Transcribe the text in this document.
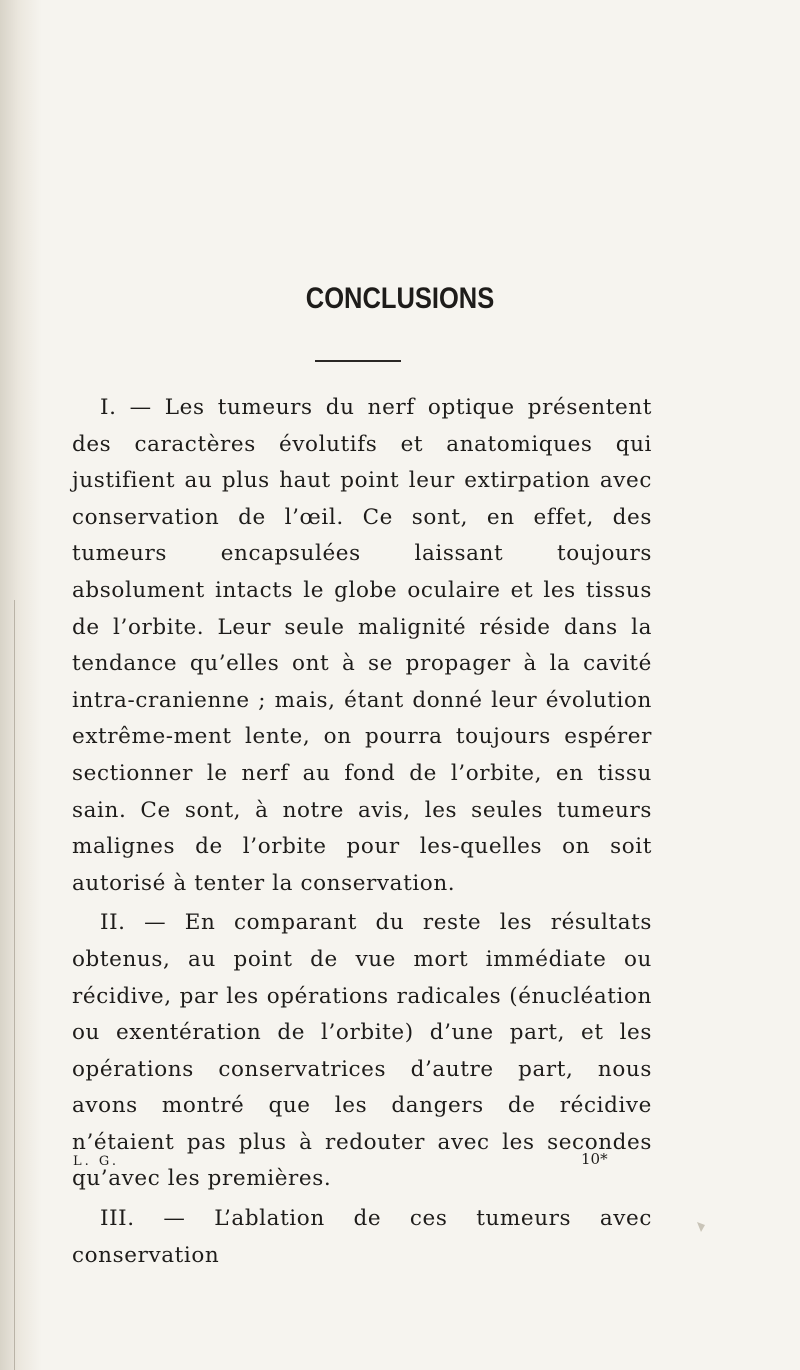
CONCLUSIONS

I. — Les tumeurs du nerf optique présentent des caractères évolutifs et anatomiques qui justifient au plus haut point leur extirpation avec conservation de l’œil. Ce sont, en effet, des tumeurs encapsulées laissant toujours absolument intacts le globe oculaire et les tissus de l’orbite. Leur seule malignité réside dans la tendance qu’elles ont à se propager à la cavité intra-cranienne ; mais, étant donné leur évolution extrême-ment lente, on pourra toujours espérer sectionner le nerf au fond de l’orbite, en tissu sain. Ce sont, à notre avis, les seules tumeurs malignes de l’orbite pour les-quelles on soit autorisé à tenter la conservation.

II. — En comparant du reste les résultats obtenus, au point de vue mort immédiate ou récidive, par les opérations radicales (énucléation ou exentération de l’orbite) d’une part, et les opérations conservatrices d’autre part, nous avons montré que les dangers de récidive n’étaient pas plus à redouter avec les secondes qu’avec les premières.

III. — L’ablation de ces tumeurs avec conservation

L. G.	10*
